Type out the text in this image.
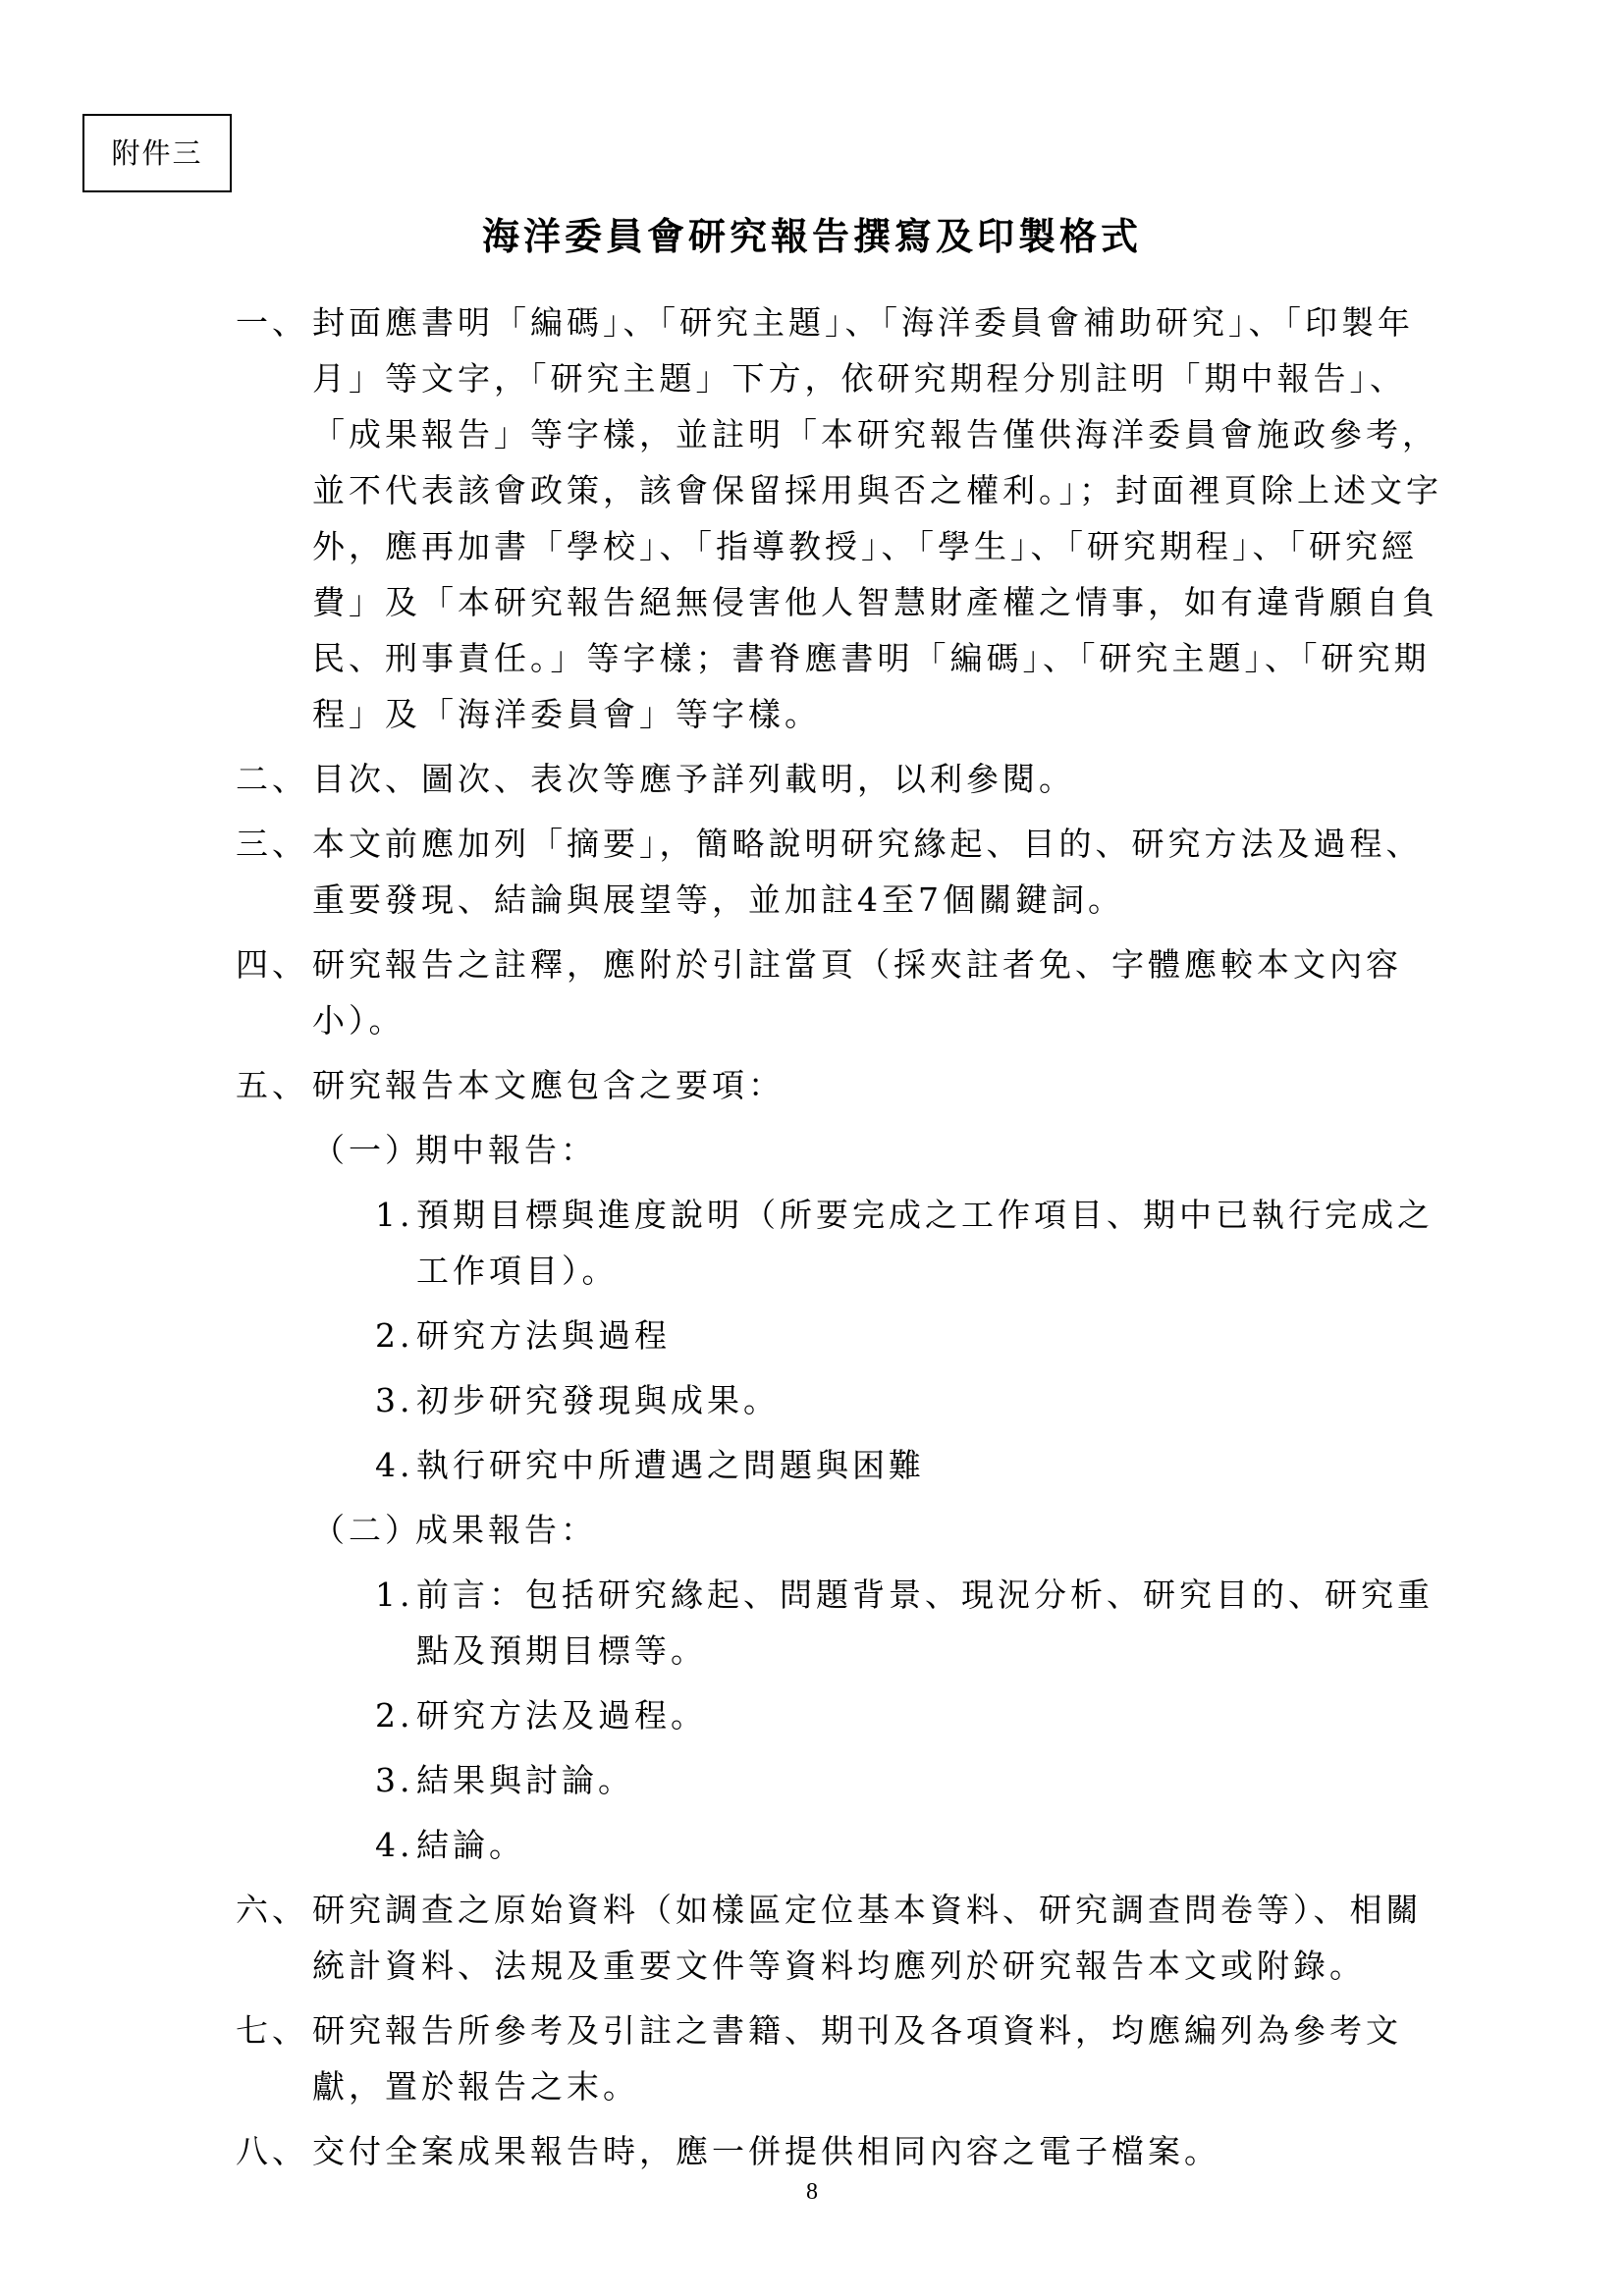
附件三
海洋委員會研究報告撰寫及印製格式
一、 封面應書明「編碼」、「研究主題」、「海洋委員會補助研究」、「印製年月」等文字，「研究主題」下方，依研究期程分別註明「期中報告」、「成果報告」等字樣，並註明「本研究報告僅供海洋委員會施政參考，並不代表該會政策，該會保留採用與否之權利。」；封面裡頁除上述文字外，應再加書「學校」、「指導教授」、「學生」、「研究期程」、「研究經費」及「本研究報告絕無侵害他人智慧財產權之情事，如有違背願自負民、刑事責任。」等字樣；書脊應書明「編碼」、「研究主題」、「研究期程」及「海洋委員會」等字樣。
二、 目次、圖次、表次等應予詳列載明，以利參閱。
三、 本文前應加列「摘要」，簡略說明研究緣起、目的、研究方法及過程、重要發現、結論與展望等，並加註4至7個關鍵詞。
四、 研究報告之註釋，應附於引註當頁（採夾註者免、字體應較本文內容小）。
五、 研究報告本文應包含之要項：
（一）
期中報告：
1. 預期目標與進度說明（所要完成之工作項目、期中已執行完成之工作項目）。
2. 研究方法與過程
3. 初步研究發現與成果。
4. 執行研究中所遭遇之問題與困難
（二）
成果報告：
1. 前言：包括研究緣起、問題背景、現況分析、研究目的、研究重點及預期目標等。
2. 研究方法及過程。
3. 結果與討論。
4. 結論。
六、 研究調查之原始資料（如樣區定位基本資料、研究調查問卷等）、相關統計資料、法規及重要文件等資料均應列於研究報告本文或附錄。
七、 研究報告所參考及引註之書籍、期刊及各項資料，均應編列為參考文獻，置於報告之末。
八、 交付全案成果報告時，應一併提供相同內容之電子檔案。
8
